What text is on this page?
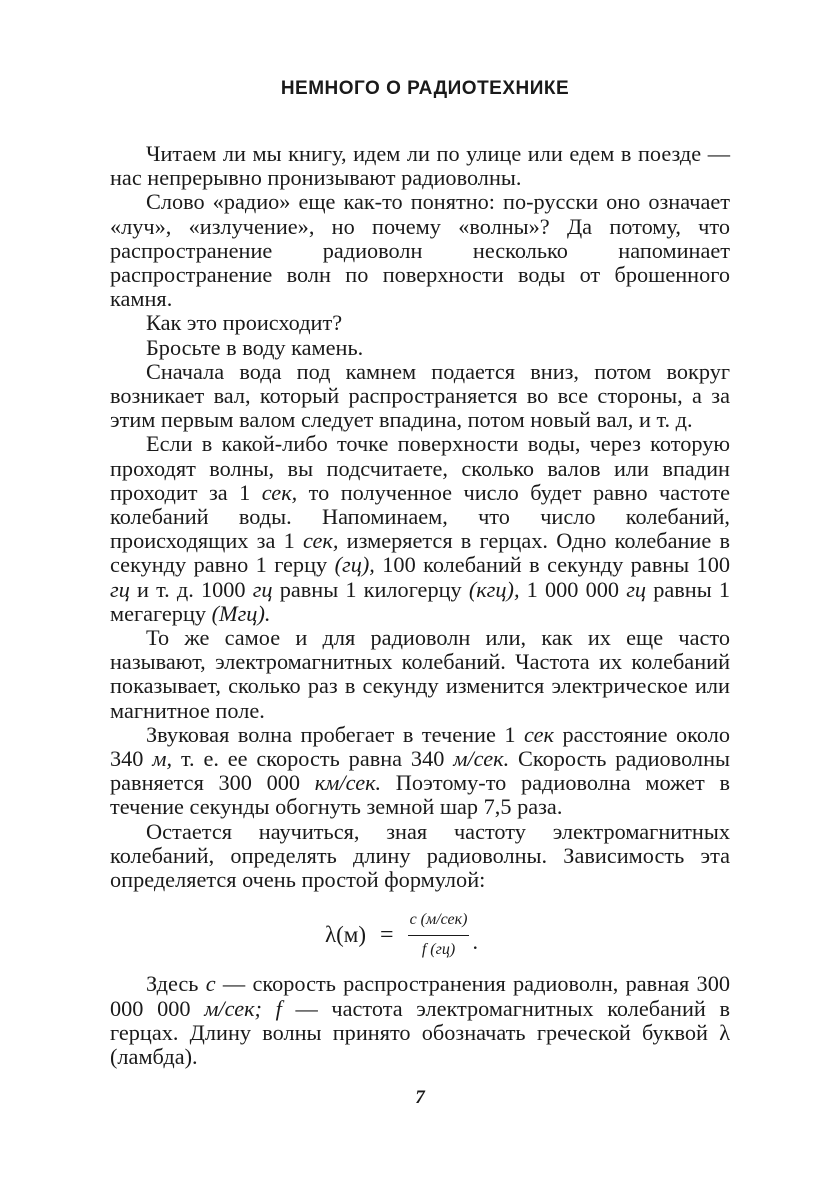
НЕМНОГО О РАДИОТЕХНИКЕ

Читаем ли мы книгу, идем ли по улице или едем в поезде — нас непрерывно пронизывают радиоволны.

Слово «радио» еще как-то понятно: по-русски оно означает «луч», «излучение», но почему «волны»? Да потому, что распространение радиоволн несколько напоминает распространение волн по поверхности воды от брошенного камня.

Как это происходит?

Бросьте в воду камень.

Сначала вода под камнем подается вниз, потом вокруг возникает вал, который распространяется во все стороны, а за этим первым валом следует впадина, потом новый вал, и т. д.

Если в какой-либо точке поверхности воды, через которую проходят волны, вы подсчитаете, сколько валов или впадин проходит за 1 сек, то полученное число будет равно частоте колебаний воды. Напоминаем, что число колебаний, происходящих за 1 сек, измеряется в герцах. Одно колебание в секунду равно 1 герцу (гц), 100 колебаний в секунду равны 100 гц и т. д. 1000 гц равны 1 килогерцу (кгц), 1 000 000 гц равны 1 мегагерцу (Мгц).

То же самое и для радиоволн или, как их еще часто называют, электромагнитных колебаний. Частота их колебаний показывает, сколько раз в секунду изменится электрическое или магнитное поле.

Звуковая волна пробегает в течение 1 сек расстояние около 340 м, т. е. ее скорость равна 340 м/сек. Скорость радиоволны равняется 300 000 км/сек. Поэтому-то радиоволна может в течение секунды обогнуть земной шар 7,5 раза.

Остается научиться, зная частоту электромагнитных колебаний, определять длину радиоволны. Зависимость эта определяется очень простой формулой:

$\lambda(м) = \frac{\text{с (м/сек)}}{f (гц)}$ .

Здесь с — скорость распространения радиоволн, равная 300 000 000 м/сек; f — частота электромагнитных колебаний в герцах. Длину волны принято обозначать греческой буквой λ (ламбда).

7
